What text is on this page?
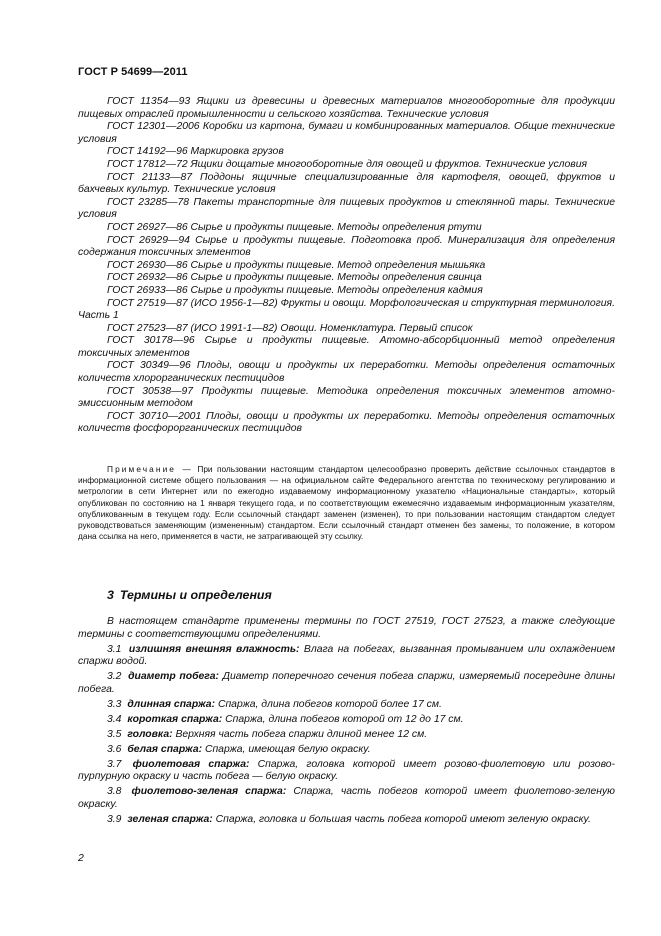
ГОСТ Р 54699—2011

ГОСТ 11354—93 Ящики из древесины и древесных материалов многооборотные для продукции пищевых отраслей промышленности и сельского хозяйства. Технические условия

ГОСТ 12301—2006 Коробки из картона, бумаги и комбинированных материалов. Общие технические условия

ГОСТ 14192—96 Маркировка грузов

ГОСТ 17812—72 Ящики дощатые многооборотные для овощей и фруктов. Технические условия

ГОСТ 21133—87 Поддоны ящичные специализированные для картофеля, овощей, фруктов и бахчевых культур. Технические условия

ГОСТ 23285—78 Пакеты транспортные для пищевых продуктов и стеклянной тары. Технические условия

ГОСТ 26927—86 Сырье и продукты пищевые. Методы определения ртути

ГОСТ 26929—94 Сырье и продукты пищевые. Подготовка проб. Минерализация для определения содержания токсичных элементов

ГОСТ 26930—86 Сырье и продукты пищевые. Метод определения мышьяка

ГОСТ 26932—86 Сырье и продукты пищевые. Методы определения свинца

ГОСТ 26933—86 Сырье и продукты пищевые. Методы определения кадмия

ГОСТ 27519—87 (ИСО 1956-1—82) Фрукты и овощи. Морфологическая и структурная терминология. Часть 1

ГОСТ 27523—87 (ИСО 1991-1—82) Овощи. Номенклатура. Первый список

ГОСТ 30178—96 Сырье и продукты пищевые. Атомно-абсорбционный метод определения токсичных элементов

ГОСТ 30349—96 Плоды, овощи и продукты их переработки. Методы определения остаточных количеств хлорорганических пестицидов

ГОСТ 30538—97 Продукты пищевые. Методика определения токсичных элементов атомно-эмиссионным методом

ГОСТ 30710—2001 Плоды, овощи и продукты их переработки. Методы определения остаточных количеств фосфорорганических пестицидов

Примечание — При пользовании настоящим стандартом целесообразно проверить действие ссылочных стандартов в информационной системе общего пользования — на официальном сайте Федерального агентства по техническому регулированию и метрологии в сети Интернет или по ежегодно издаваемому информационному указателю «Национальные стандарты», который опубликован по состоянию на 1 января текущего года, и по соответствующим ежемесячно издаваемым информационным указателям, опубликованным в текущем году. Если ссылочный стандарт заменен (изменен), то при пользовании настоящим стандартом следует руководствоваться заменяющим (измененным) стандартом. Если ссылочный стандарт отменен без замены, то положение, в котором дана ссылка на него, применяется в части, не затрагивающей эту ссылку.

3 Термины и определения

В настоящем стандарте применены термины по ГОСТ 27519, ГОСТ 27523, а также следующие термины с соответствующими определениями.

3.1 излишняя внешняя влажность: Влага на побегах, вызванная промыванием или охлаждением спаржи водой.

3.2 диаметр побега: Диаметр поперечного сечения побега спаржи, измеряемый посередине длины побега.

3.3 длинная спаржа: Спаржа, длина побегов которой более 17 см.

3.4 короткая спаржа: Спаржа, длина побегов которой от 12 до 17 см.

3.5 головка: Верхняя часть побега спаржи длиной менее 12 см.

3.6 белая спаржа: Спаржа, имеющая белую окраску.

3.7 фиолетовая спаржа: Спаржа, головка которой имеет розово-фиолетовую или розово-пурпурную окраску и часть побега — белую окраску.

3.8 фиолетово-зеленая спаржа: Спаржа, часть побегов которой имеет фиолетово-зеленую окраску.

3.9 зеленая спаржа: Спаржа, головка и большая часть побега которой имеют зеленую окраску.

2
